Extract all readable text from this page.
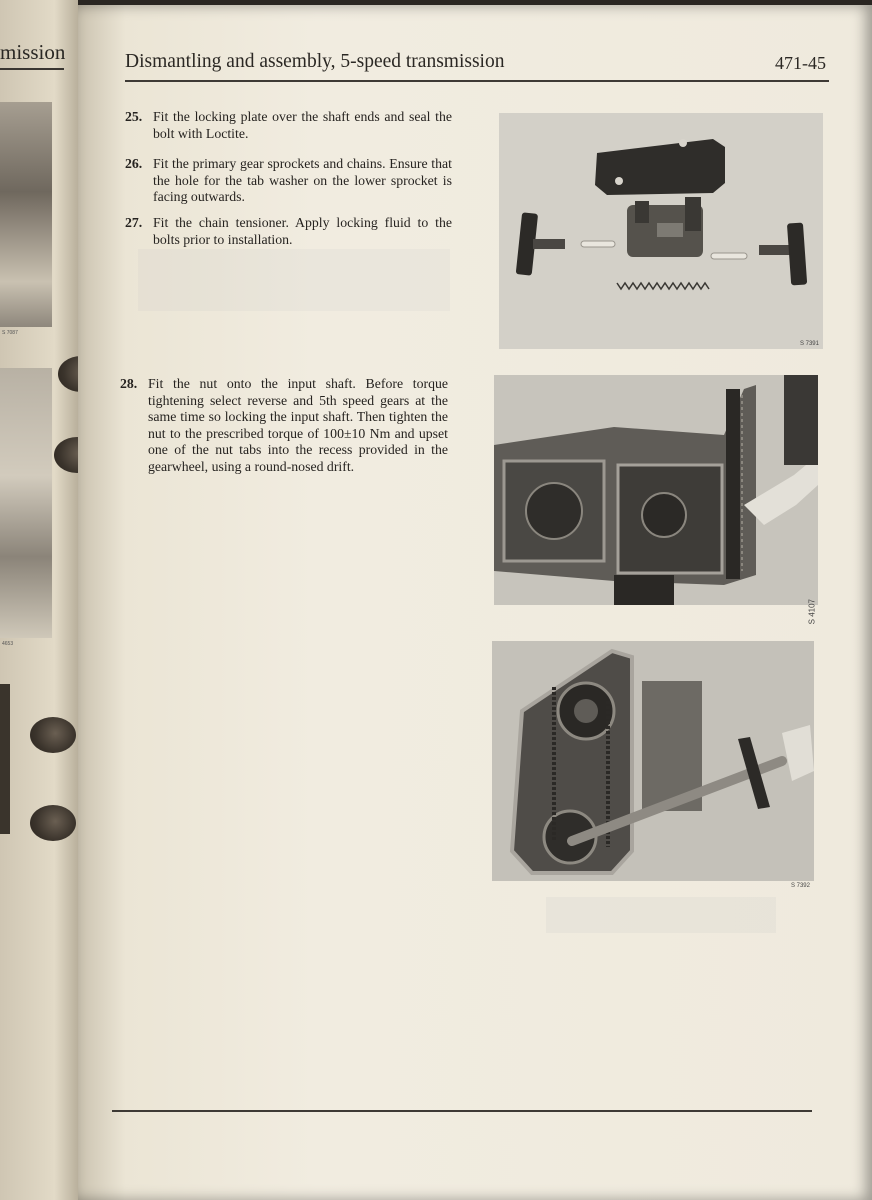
mission
S 7087
4653
Dismantling and assembly, 5-speed transmission	471-45
25. Fit the locking plate over the shaft ends and seal the bolt with Loctite.
26. Fit the primary gear sprockets and chains. Ensure that the hole for the tab washer on the lower sprocket is facing outwards.
27. Fit the chain tensioner. Apply locking fluid to the bolts prior to installation.
28. Fit the nut onto the input shaft. Before torque tightening select reverse and 5th speed gears at the same time so locking the input shaft. Then tighten the nut to the prescribed torque of 100±10 Nm and upset one of the nut tabs into the recess provided in the gearwheel, using a round-nosed drift.
S 7391
S 4107
S 7392
